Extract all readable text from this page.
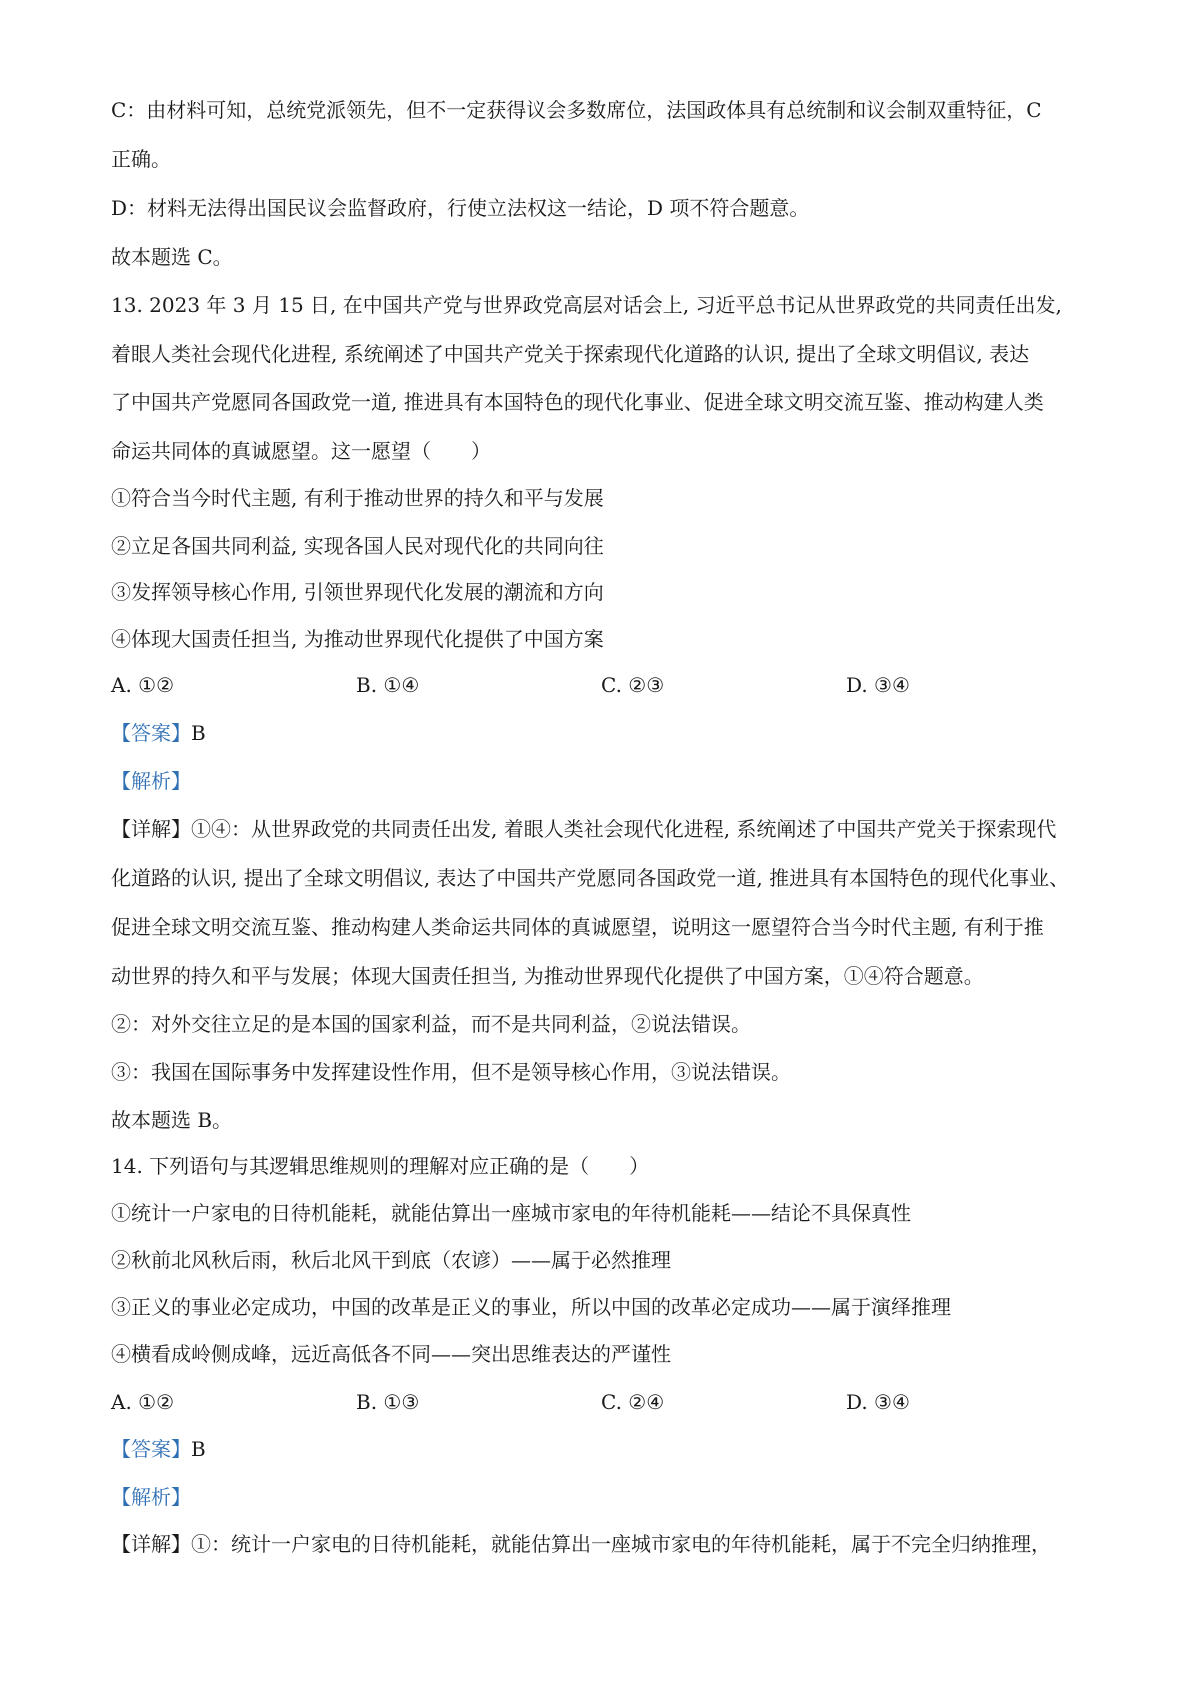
C：由材料可知，总统党派领先，但不一定获得议会多数席位，法国政体具有总统制和议会制双重特征，C
正确。
D：材料无法得出国民议会监督政府，行使立法权这一结论，D 项不符合题意。
故本题选 C。
13. 2023 年 3 月 15 日, 在中国共产党与世界政党高层对话会上, 习近平总书记从世界政党的共同责任出发,
着眼人类社会现代化进程, 系统阐述了中国共产党关于探索现代化道路的认识, 提出了全球文明倡议, 表达
了中国共产党愿同各国政党一道, 推进具有本国特色的现代化事业、促进全球文明交流互鉴、推动构建人类
命运共同体的真诚愿望。这一愿望（　　）
①符合当今时代主题, 有利于推动世界的持久和平与发展
②立足各国共同利益, 实现各国人民对现代化的共同向往
③发挥领导核心作用, 引领世界现代化发展的潮流和方向
④体现大国责任担当, 为推动世界现代化提供了中国方案
A. ①②	B. ①④	C. ②③	D. ③④
【答案】B
【解析】
【详解】①④：从世界政党的共同责任出发, 着眼人类社会现代化进程, 系统阐述了中国共产党关于探索现代
化道路的认识, 提出了全球文明倡议, 表达了中国共产党愿同各国政党一道, 推进具有本国特色的现代化事业、
促进全球文明交流互鉴、推动构建人类命运共同体的真诚愿望，说明这一愿望符合当今时代主题, 有利于推
动世界的持久和平与发展；体现大国责任担当, 为推动世界现代化提供了中国方案，①④符合题意。
②：对外交往立足的是本国的国家利益，而不是共同利益，②说法错误。
③：我国在国际事务中发挥建设性作用，但不是领导核心作用，③说法错误。
故本题选 B。
14. 下列语句与其逻辑思维规则的理解对应正确的是（　　）
①统计一户家电的日待机能耗，就能估算出一座城市家电的年待机能耗——结论不具保真性
②秋前北风秋后雨，秋后北风干到底（农谚）——属于必然推理
③正义的事业必定成功，中国的改革是正义的事业，所以中国的改革必定成功——属于演绎推理
④横看成岭侧成峰，远近高低各不同——突出思维表达的严谨性
A. ①②	B. ①③	C. ②④	D. ③④
【答案】B
【解析】
【详解】①：统计一户家电的日待机能耗，就能估算出一座城市家电的年待机能耗，属于不完全归纳推理，
